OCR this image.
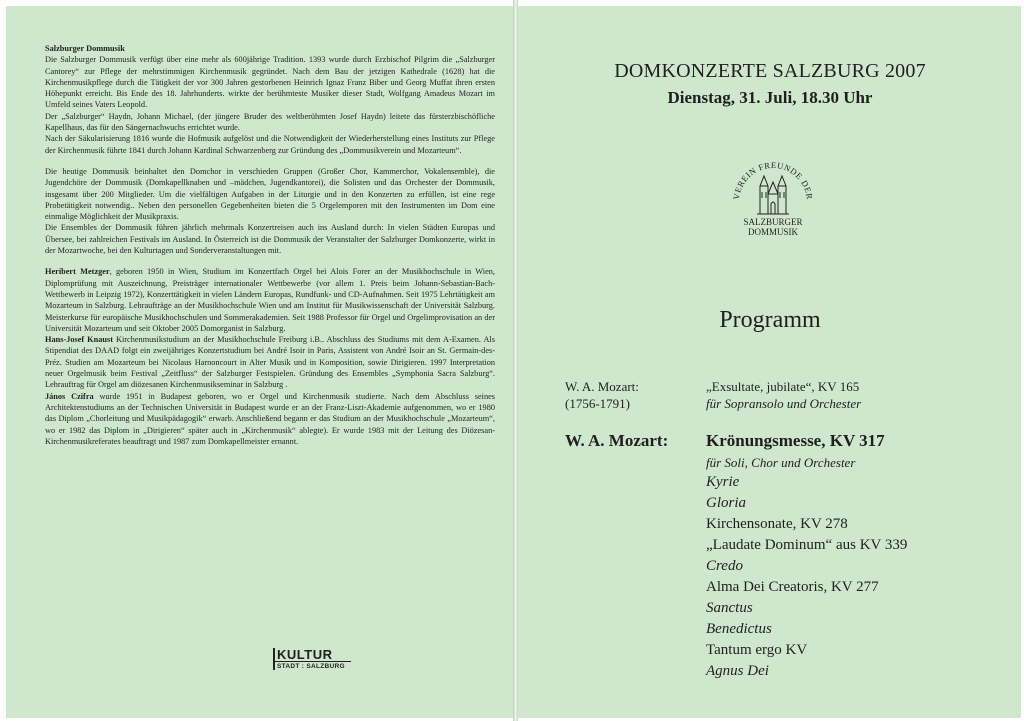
Salzburger Dommusik

Die Salzburger Dommusik verfügt über eine mehr als 600jährige Tradition. 1393 wurde durch Erzbischof Pilgrim die „Salzburger Cantorey“ zur Pflege der mehrstimmigen Kirchenmusik gegründet. Nach dem Bau der jetzigen Kathedrale (1628) hat die Kirchenmusikpflege durch die Tätigkeit der vor 300 Jahren gestorbenen Heinrich Ignaz Franz Biber und Georg Muffat ihren ersten Höhepunkt erreicht. Bis Ende des 18. Jahrhunderts. wirkte der berühmteste Musiker dieser Stadt, Wolfgang Amadeus Mozart im Umfeld seines Vaters Leopold.

Der „Salzburger“ Haydn, Johann Michael, (der jüngere Bruder des weltberühmten Josef Haydn) leitete das fürsterzbischöfliche Kapellhaus, das für den Sängernachwuchs errichtet wurde.

Nach der Säkularisierung 1816 wurde die Hofmusik aufgelöst und die Notwendigkeit der Wiederherstellung eines Instituts zur Pflege der Kirchenmusik führte 1841 durch Johann Kardinal Schwarzenberg zur Gründung des „Dommusikverein und Mozarteum“.

Die heutige Dommusik beinhaltet den Domchor in verschieden Gruppen (Großer Chor, Kammerchor, Vokalensemble), die Jugendchöre der Dommusik (Domkapellknaben und –mädchen, Jugendkantorei), die Solisten und das Orchester der Dommusik, insgesamt über 200 Mitglieder. Um die vielfältigen Aufgaben in der Liturgie und in den Konzerten zu erfüllen, ist eine rege Probetätigkeit notwendig.. Neben den personellen Gegebenheiten bieten die 5 Orgelemporen mit den Instrumenten im Dom eine einmalige Möglichkeit der Musikpraxis.

Die Ensembles der Dommusik führen jährlich mehrmals Konzertreisen auch ins Ausland durch: In vielen Städten Europas und Übersee, bei zahlreichen Festivals im Ausland. In Österreich ist die Dommusik der Veranstalter der Salzburger Domkonzerte, wirkt in der Mozartwoche, bei den Kulturtagen und Sonderveranstaltungen mit.

Heribert Metzger, geboren 1950 in Wien, Studium im Konzertfach Orgel bei Alois Forer an der Musikhochschule in Wien, Diplomprüfung mit Auszeichnung, Preisträger internationaler Wettbewerbe (vor allem 1. Preis beim Johann-Sebastian-Bach-Wettbewerb in Leipzig 1972), Konzerttätigkeit in vielen Ländern Europas, Rundfunk- und CD-Aufnahmen. Seit 1975 Lehrtätigkeit am Mozarteum in Salzburg. Lehraufträge an der Musikhochschule Wien und am Institut für Musikwissenschaft der Universität Salzburg. Meisterkurse für europäische Musikhochschulen und Sommerakademien. Seit 1988 Professor für Orgel und Orgelimprovisation an der Universität Mozarteum und seit Oktober 2005 Domorganist in Salzburg.

Hans-Josef Knaust Kirchenmusikstudium an der Musikhochschule Freiburg i.B.. Abschluss des Studiums mit dem A-Examen. Als Stipendiat des DAAD folgt ein zweijähriges Konzertstudium bei André Isoir in Paris, Assistent von André Isoir an St. Germain-des-Préz. Studien am Mozarteum bei Nicolaus Harnoncourt in Alter Musik und in Komposition, sowie Dirigieren. 1997 Interpretation neuer Orgelmusik beim Festival „Zeitfluss“ der Salzburger Festspielen. Gründung des Ensembles „Symphonia Sacra Salzburg“. Lehrauftrag für Orgel am diözesanen Kirchenmusikseminar in Salzburg .

János Czifra wurde 1951 in Budapest geboren, wo er Orgel und Kirchenmusik studierte. Nach dem Abschluss seines Architektenstudiums an der Technischen Universität in Budapest wurde er an der Franz-Liszt-Akademie aufgenommen, wo er 1980 das Diplom „Chorleitung und Musikpädagogik“ erwarb. Anschließend begann er das Studium an der Musikhochschule „Mozarteum“, wo er 1982 das Diplom in „Dirigieren“ später auch in „Kirchenmusik“ ablegte). Er wurde 1983 mit der Leitung des Diözesan-Kirchenmusikreferates beauftragt und 1987 zum Domkapellmeister ernannt.

KULTUR
STADT : SALZBURG
DOMKONZERTE SALZBURG 2007
Dienstag, 31. Juli, 18.30 Uhr
VEREIN FREUNDE DER
SALZBURGER
DOMMUSIK
Programm
W. A. Mozart:
(1756-1791)
„Exsultate, jubilate“, KV 165
für Sopransolo und Orchester
W. A. Mozart: Krönungsmesse, KV 317
für Soli, Chor und Orchester
Kyrie
Gloria
Kirchensonate, KV 278
„Laudate Dominum“ aus KV 339
Credo
Alma Dei Creatoris, KV 277
Sanctus
Benedictus
Tantum ergo KV
Agnus Dei
